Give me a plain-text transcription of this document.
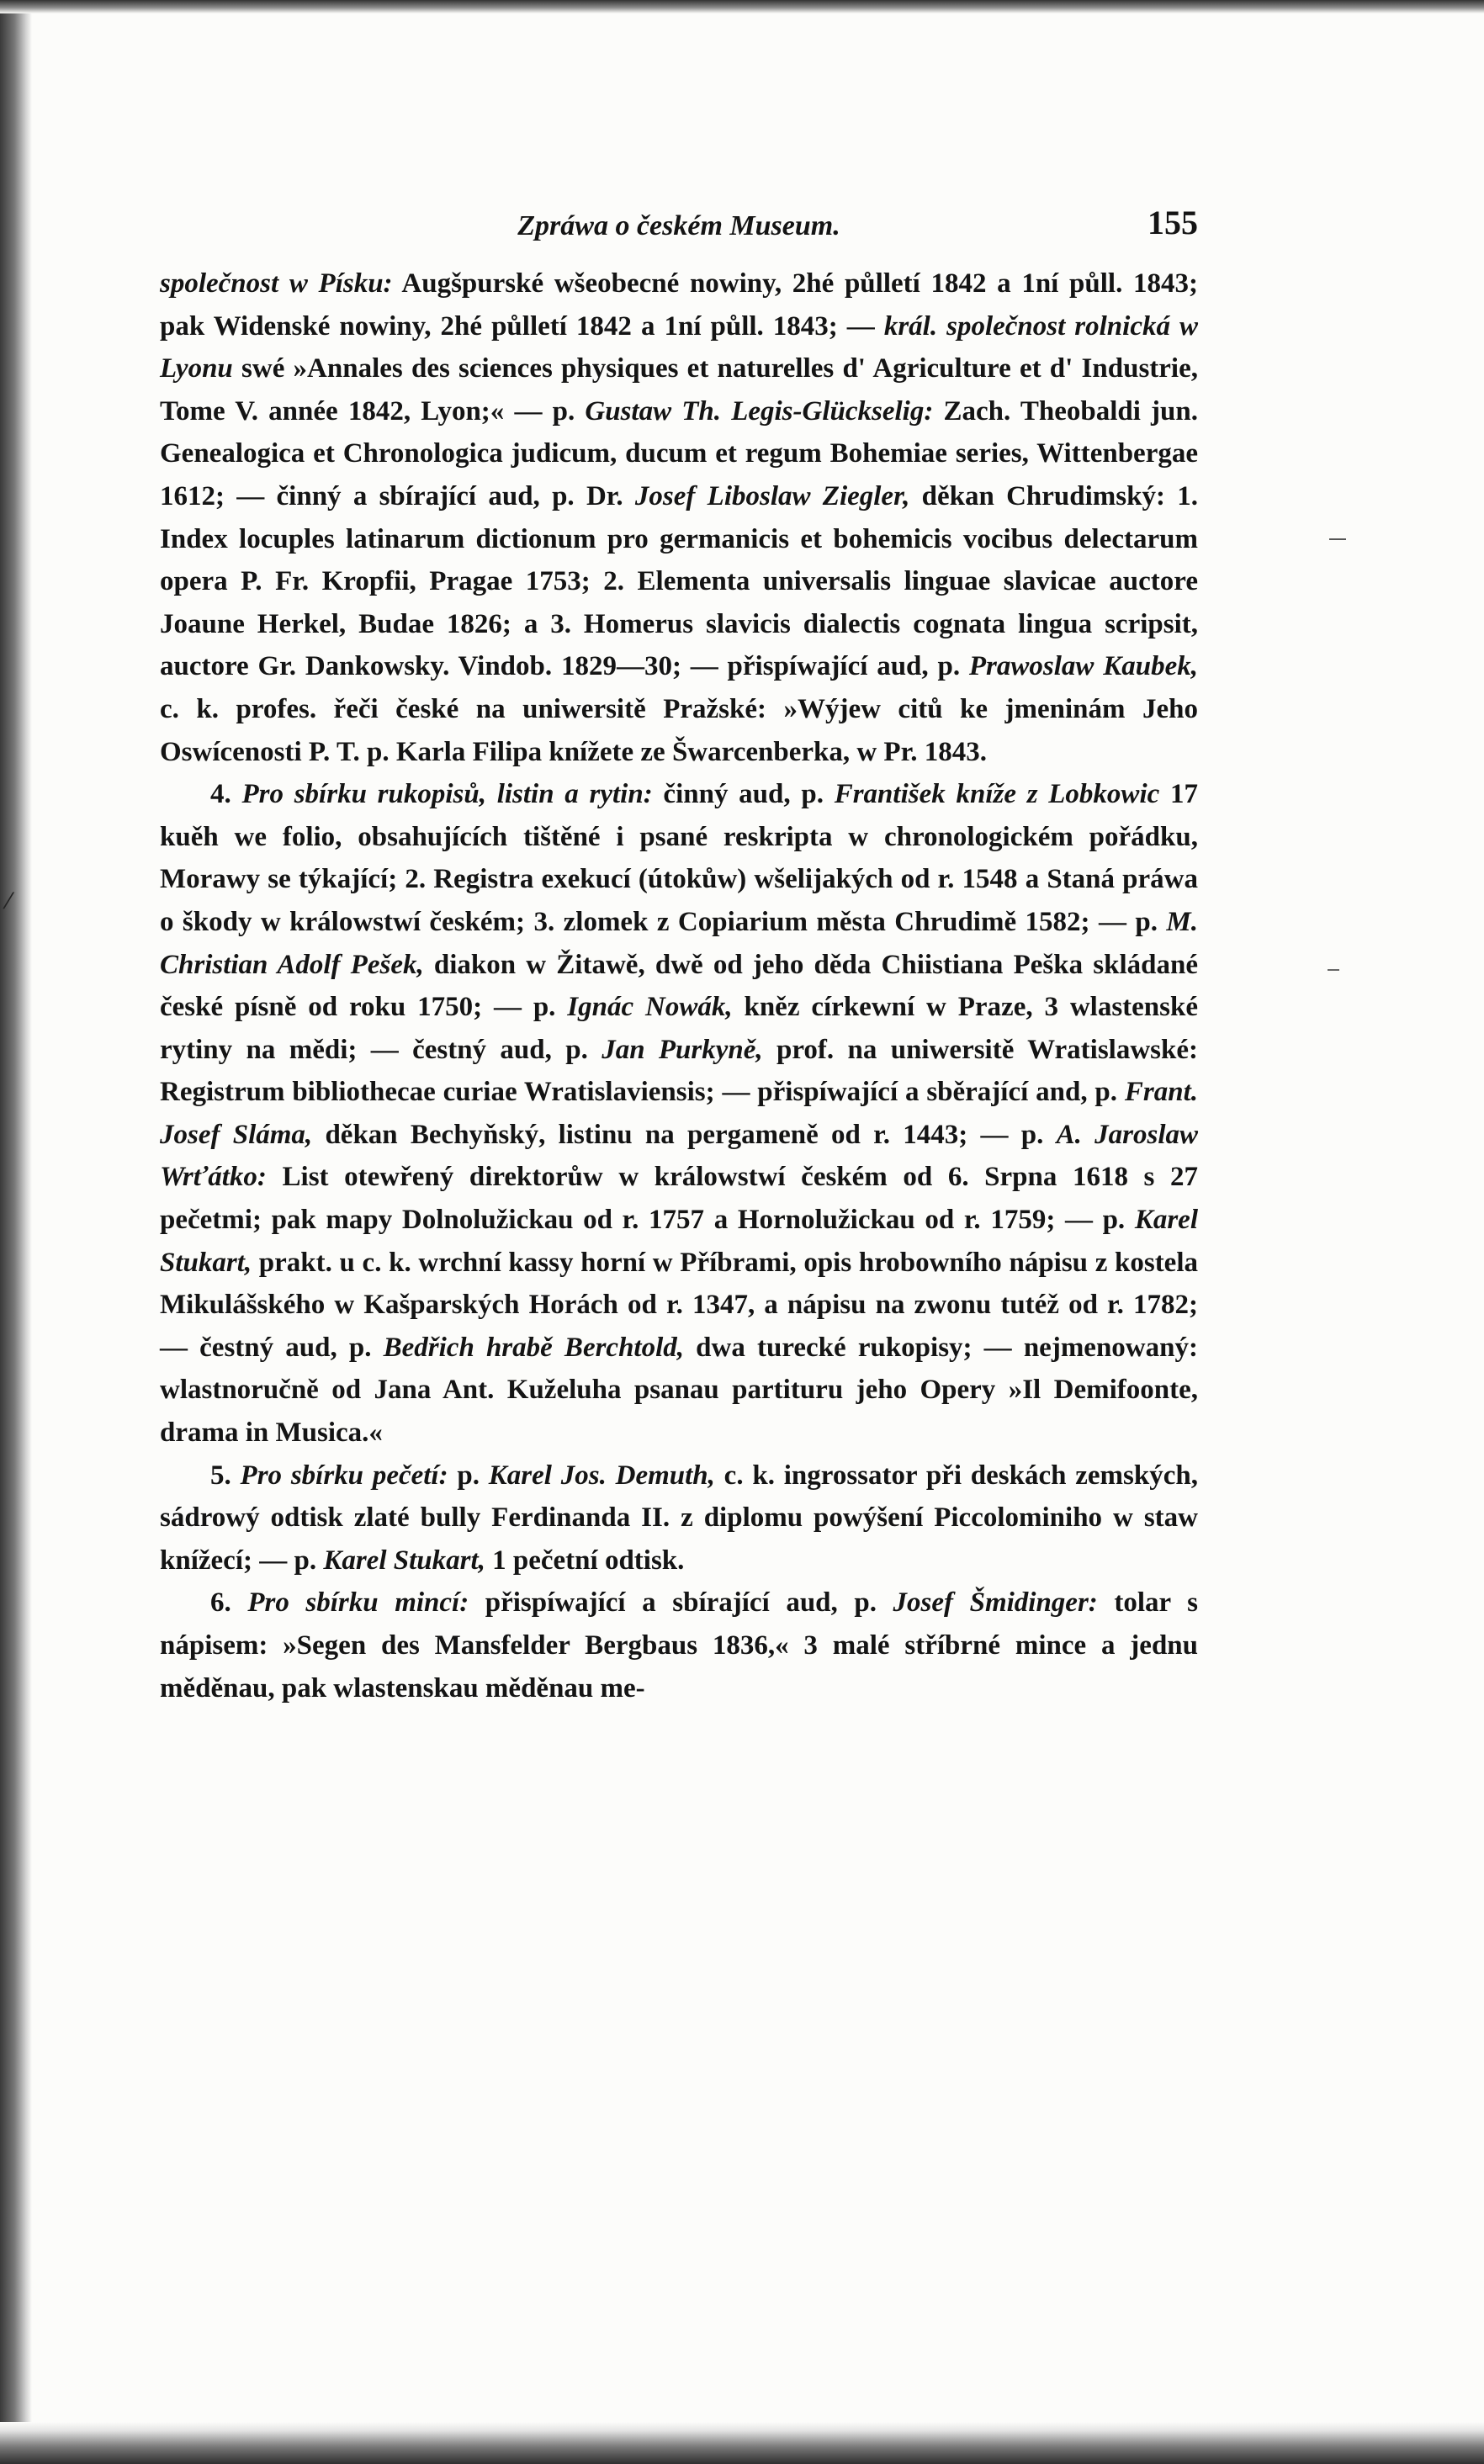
⁄
Zpráwa o českém Museum.	155

společnost w Písku: Augšpurské wšeobecné nowiny, 2hé půlletí 1842 a 1ní půll. 1843; pak Widenské nowiny, 2hé půlletí 1842 a 1ní půll. 1843; — král. společnost rolnická w Lyonu swé »Annales des sciences physiques et naturelles d' Agriculture et d' Industrie, Tome V. année 1842, Lyon;« — p. Gustaw Th. Legis-Glückselig: Zach. Theobaldi jun. Genealogica et Chronologica judicum, ducum et regum Bohemiae series, Wittenbergae 1612; — činný a sbírající aud, p. Dr. Josef Liboslaw Ziegler, děkan Chrudimský: 1. Index locuples latinarum dictionum pro germanicis et bohemicis vocibus delectarum opera P. Fr. Kropfii, Pragae 1753; 2. Elementa universalis linguae slavicae auctore Joaune Herkel, Budae 1826; a 3. Homerus slavicis dialectis cognata lingua scripsit, auctore Gr. Dankowsky. Vindob. 1829—30; — přispíwající aud, p. Prawoslaw Kaubek, c. k. profes. řeči české na uniwersitě Pražské: »Wýjew citů ke jmeninám Jeho Oswícenosti P. T. p. Karla Filipa knížete ze Šwarcenberka, w Pr. 1843.

4. Pro sbírku rukopisů, listin a rytin: činný aud, p. František kníže z Lobkowic 17 kuěh we folio, obsahujících tištěné i psané reskripta w chronologickém pořádku, Morawy se týkající; 2. Registra exekucí (útokůw) wšelijakých od r. 1548 a Staná práwa o škody w králowstwí českém; 3. zlomek z Copiarium města Chrudimě 1582; — p. M. Christian Adolf Pešek, diakon w Žitawě, dwě od jeho děda Chiistiana Peška skládané české písně od roku 1750; — p. Ignác Nowák, kněz církewní w Praze, 3 wlastenské rytiny na mědi; — čestný aud, p. Jan Purkyně, prof. na uniwersitě Wratislawské: Registrum bibliothecae curiae Wratislaviensis; — přispíwající a sběrající and, p. Frant. Josef Sláma, děkan Bechyňský, listinu na pergameně od r. 1443; — p. A. Jaroslaw Wrťátko: List otewřený direktorůw w králowstwí českém od 6. Srpna 1618 s 27 pečetmi; pak mapy Dolnolužickau od r. 1757 a Hornolužickau od r. 1759; — p. Karel Stukart, prakt. u c. k. wrchní kassy horní w Příbrami, opis hrobowního nápisu z kostela Mikulášského w Kašparských Horách od r. 1347, a nápisu na zwonu tutéž od r. 1782; — čestný aud, p. Bedřich hrabě Berchtold, dwa turecké rukopisy; — nejmenowaný: wlastnoručně od Jana Ant. Kuželuha psanau partituru jeho Opery »Il Demifoonte, drama in Musica.«

5. Pro sbírku pečetí: p. Karel Jos. Demuth, c. k. ingrossator při deskách zemských, sádrowý odtisk zlaté bully Ferdinanda II. z diplomu powýšení Piccolominiho w staw knížecí; — p. Karel Stukart, 1 pečetní odtisk.

6. Pro sbírku mincí: přispíwající a sbírající aud, p. Josef Šmidinger: tolar s nápisem: »Segen des Mansfelder Bergbaus 1836,« 3 malé stříbrné mince a jednu měděnau, pak wlastenskau měděnau me-
